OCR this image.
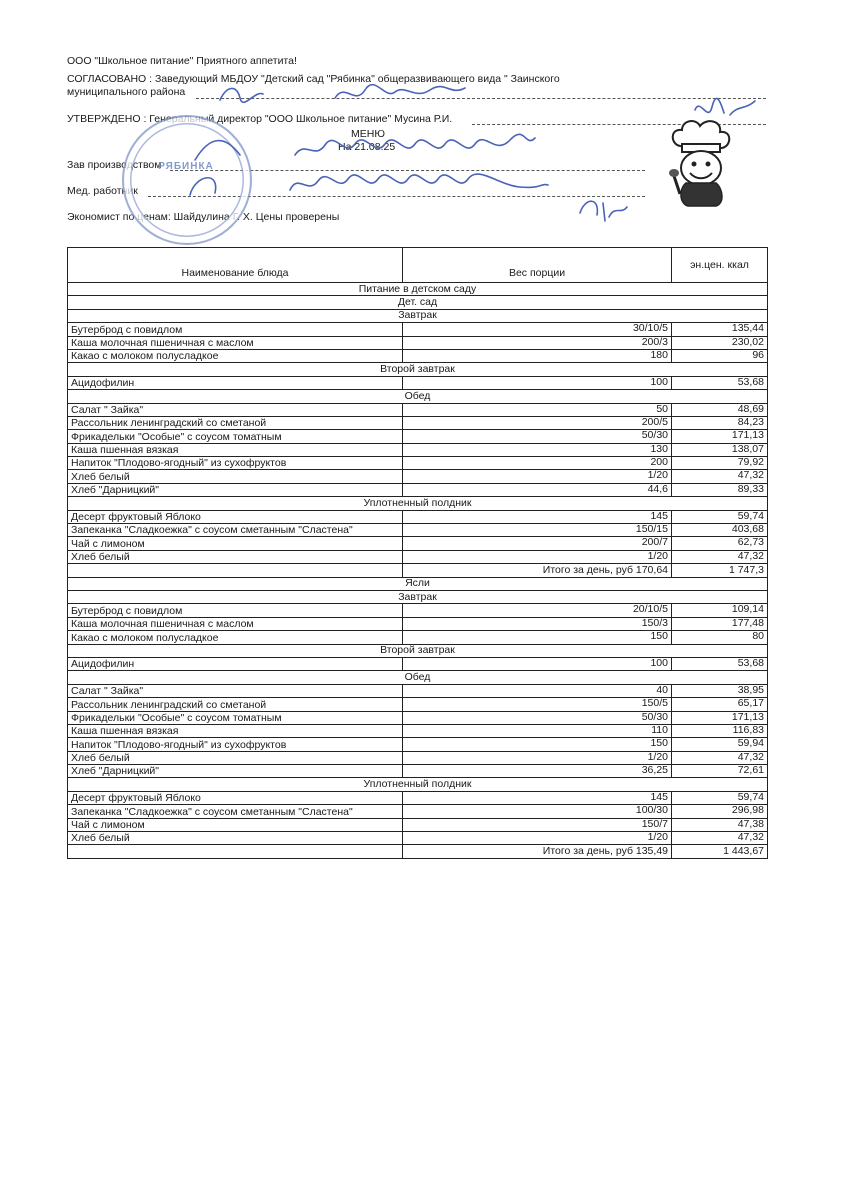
ООО "Школьное питание" Приятного аппетита!
СОГЛАСОВАНО : Заведующий МБДОУ "Детский сад "Рябинка" общеразвивающего вида " Заинского
муниципального района
УТВЕРЖДЕНО : Генеральный директор "ООО Школьное питание" Мусина Р.И.
МЕНЮ
На 21.08.25
Зав производством
Мед. работник
Экономист по ценам: Шайдулина Г. Х. Цены проверены
РЯБИНКА
Наименование блюда	Вес порции	эн.цен. ккал
Питание в детском саду		
Дет. сад		
Завтрак		
Бутерброд с повидлом	30/10/5	135,44
Каша молочная пшеничная с маслом	200/3	230,02
Какао с молоком полусладкое	180	96
Второй завтрак		
Ацидофилин	100	53,68
Обед		
Салат " Зайка"	50	48,69
Рассольник ленинградский со сметаной	200/5	84,23
Фрикадельки "Особые" с соусом томатным	50/30	171,13
Каша пшенная вязкая	130	138,07
Напиток "Плодово-ягодный" из сухофруктов	200	79,92
Хлеб белый	1/20	47,32
Хлеб "Дарницкий"	44,6	89,33
Уплотненный полдник		
Десерт фруктовый Яблоко	145	59,74
Запеканка "Сладкоежка" с соусом сметанным "Сластена"	150/15	403,68
Чай с лимоном	200/7	62,73
Хлеб белый	1/20	47,32
	Итого за день, руб 170,64	1 747,3
Ясли		
Завтрак		
Бутерброд с повидлом	20/10/5	109,14
Каша молочная пшеничная с маслом	150/3	177,48
Какао с молоком полусладкое	150	80
Второй завтрак		
Ацидофилин	100	53,68
Обед		
Салат " Зайка"	40	38,95
Рассольник ленинградский со сметаной	150/5	65,17
Фрикадельки "Особые" с соусом томатным	50/30	171,13
Каша пшенная вязкая	110	116,83
Напиток "Плодово-ягодный" из сухофруктов	150	59,94
Хлеб белый	1/20	47,32
Хлеб "Дарницкий"	36,25	72,61
Уплотненный полдник		
Десерт фруктовый Яблоко	145	59,74
Запеканка "Сладкоежка" с соусом сметанным "Сластена"	100/30	296,98
Чай с лимоном	150/7	47,38
Хлеб белый	1/20	47,32
	Итого за день, руб 135,49	1 443,67
